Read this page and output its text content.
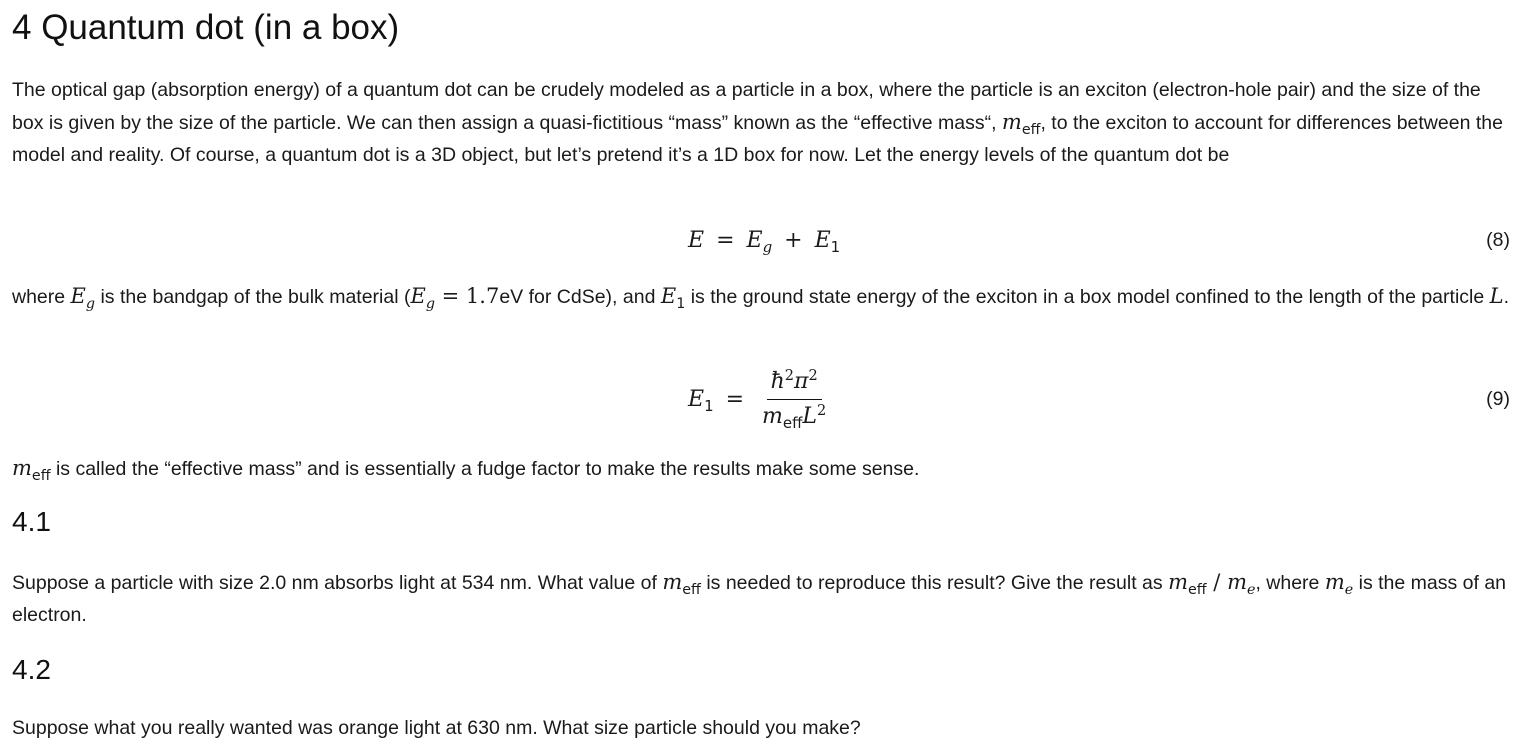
4 Quantum dot (in a box)

The optical gap (absorption energy) of a quantum dot can be crudely modeled as a particle in a box, where the particle is an exciton (electron-hole pair) and the size of the box is given by the size of the particle. We can then assign a quasi-fictitious “mass” known as the “effective mass“, $m_{eff}$, to the exciton to account for differences between the model and reality. Of course, a quantum dot is a 3D object, but let’s pretend it’s a 1D box for now. Let the energy levels of the quantum dot be

$E = E_g + E_1$	(8)

where $E_g$ is the bandgap of the bulk material ($E_g = 1.7eV$ for CdSe), and $E_1$ is the ground state energy of the exciton in a box model confined to the length of the particle L.

$E_1 = \frac{ħ^2\pi^2}{m_{eff}L^2}$	(9)

$m_{eff}$ is called the “effective mass” and is essentially a fudge factor to make the results make some sense.

4.1

Suppose a particle with size 2.0 nm absorbs light at 534 nm. What value of $m_{eff}$ is needed to reproduce this result? Give the result as $m_{eff} / m_e$, where $m_e$ is the mass of an electron.

4.2

Suppose what you really wanted was orange light at 630 nm. What size particle should you make?
